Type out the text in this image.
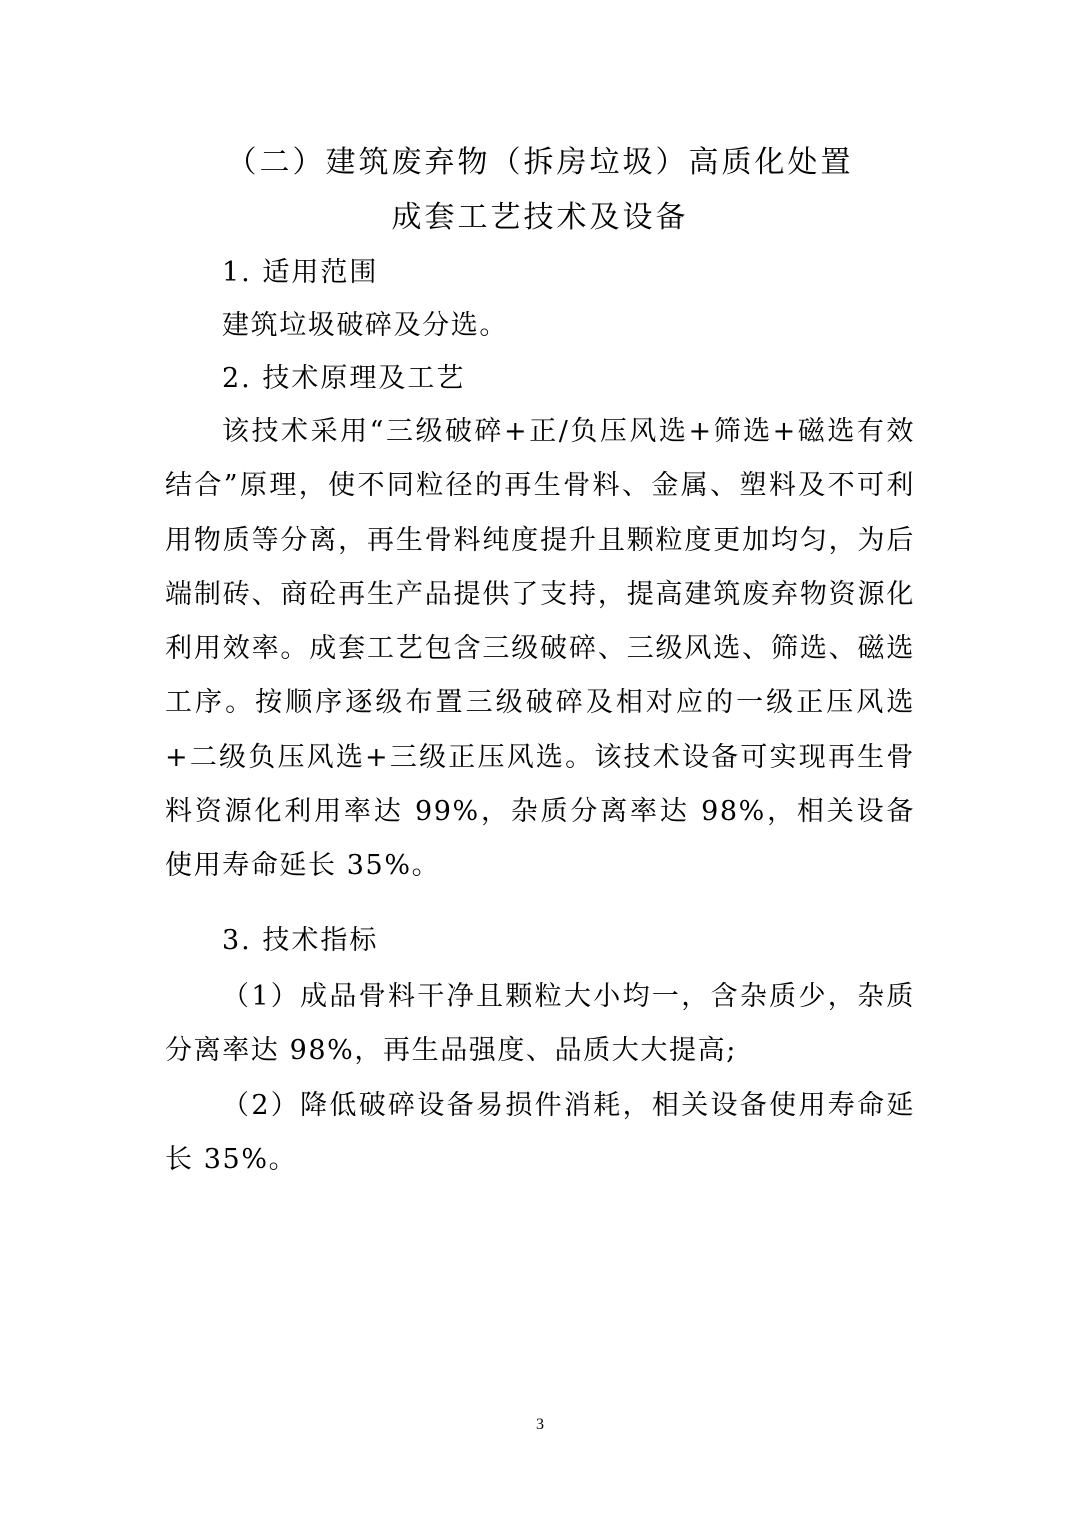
（二）建筑废弃物（拆房垃圾）高质化处置
成套工艺技术及设备
1. 适用范围

建筑垃圾破碎及分选。

2. 技术原理及工艺

该技术采用“三级破碎+正/负压风选+筛选+磁选有效结合”原理，使不同粒径的再生骨料、金属、塑料及不可利用物质等分离，再生骨料纯度提升且颗粒度更加均匀，为后端制砖、商砼再生产品提供了支持，提高建筑废弃物资源化利用效率。成套工艺包含三级破碎、三级风选、筛选、磁选工序。按顺序逐级布置三级破碎及相对应的一级正压风选+二级负压风选+三级正压风选。该技术设备可实现再生骨料资源化利用率达 99%，杂质分离率达 98%，相关设备使用寿命延长 35%。

3. 技术指标

（1）成品骨料干净且颗粒大小均一，含杂质少，杂质分离率达 98%，再生品强度、品质大大提高;

（2）降低破碎设备易损件消耗，相关设备使用寿命延长 35%。

3
